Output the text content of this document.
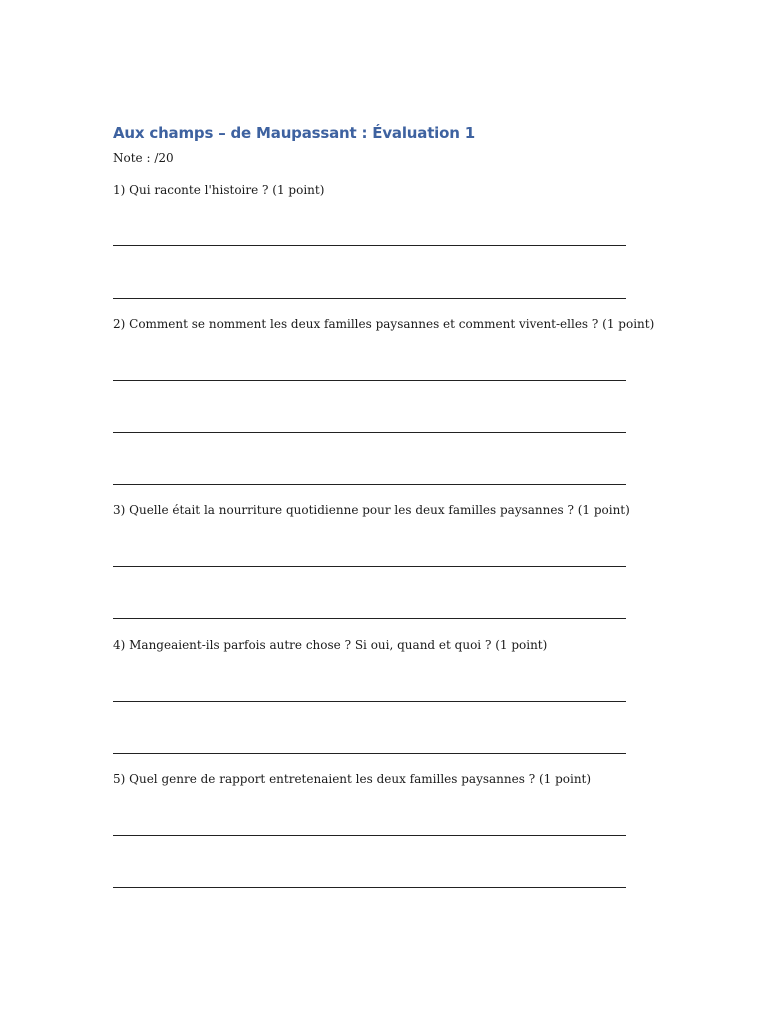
Aux champs – de Maupassant : Évaluation 1
Note : /20
1) Qui raconte l'histoire ? (1 point)
2) Comment se nomment les deux familles paysannes et comment vivent-elles ? (1 point)
3) Quelle était la nourriture quotidienne pour les deux familles paysannes ? (1 point)
4) Mangeaient-ils parfois autre chose ? Si oui, quand et quoi ? (1 point)
5) Quel genre de rapport entretenaient les deux familles paysannes ? (1 point)
